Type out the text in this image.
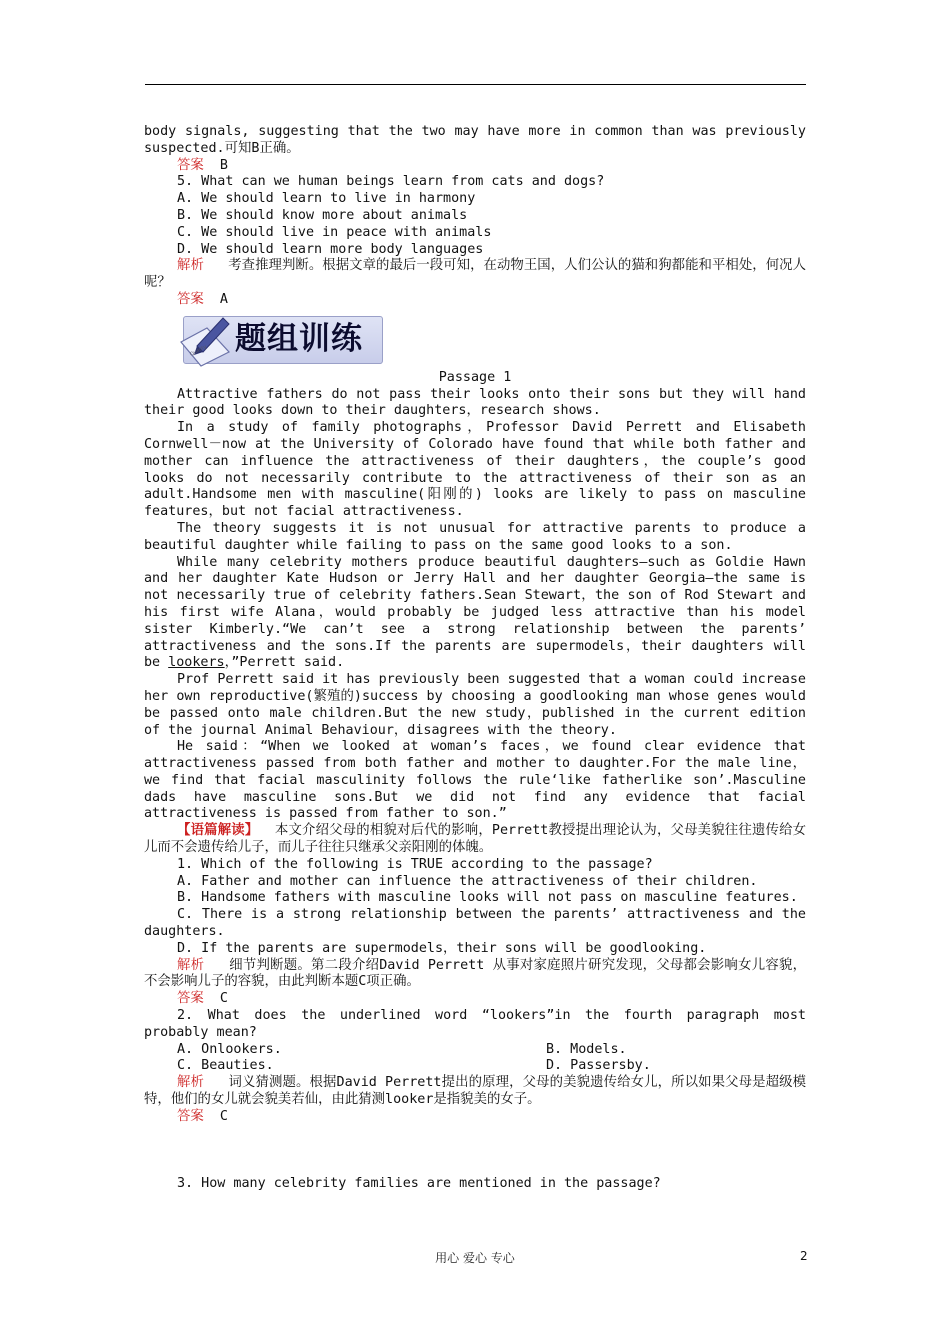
body signals, suggesting that the two may have more in common than was previously suspected.可知B正确。

答案 B

5. What can we human beings learn from cats and dogs?

A. We should learn to live in harmony

B. We should know more about animals

C. We should live in peace with animals

D. We should learn more body languages

解析 考查推理判断。根据文章的最后一段可知，在动物王国，人们公认的猫和狗都能和平相处，何况人呢？

答案 A

Quality 题组训练

Passage 1

Attractive fathers do not pass their looks onto their sons but they will hand their good looks down to their daughters，research shows.

In a study of family photographs，Professor David Perrett and Elisabeth Cornwell－now at the University of Colorado have found that while both father and mother can influence the attractiveness of their daughters，the couple’s good looks do not necessarily contribute to the attractiveness of their son as an adult.Handsome men with masculine(阳刚的) looks are likely to pass on masculine features，but not facial attractiveness.

The theory suggests it is not unusual for attractive parents to produce a beautiful daughter while failing to pass on the same good looks to a son.

While many celebrity mothers produce beautiful daughters—such as Goldie Hawn and her daughter Kate Hudson or Jerry Hall and her daughter Georgia—the same is not necessarily true of celebrity fathers.Sean Stewart，the son of Rod Stewart and his first wife Alana，would probably be judged less attractive than his model sister Kimberly.“We can’t see a strong relationship between the parents’ attractiveness and the sons.If the parents are supermodels，their daughters will be lookers，”Perrett said.

Prof Perrett said it has previously been suggested that a woman could increase her own reproductive(繁殖的)success by choosing a goodlooking man whose genes would be passed onto male children.But the new study，published in the current edition of the journal Animal Behaviour，disagrees with the theory.

He said：“When we looked at woman’s faces，we found clear evidence that attractiveness passed from both father and mother to daughter.For the male line，we find that facial masculinity follows the rule‘like fatherlike son’.Masculine dads have masculine sons.But we did not find any evidence that facial attractiveness is passed from father to son.”

【语篇解读】 本文介绍父母的相貌对后代的影响，Perrett教授提出理论认为，父母美貌往往遗传给女儿而不会遗传给儿子，而儿子往往只继承父亲阳刚的体魄。

1. Which of the following is TRUE according to the passage?

A. Father and mother can influence the attractiveness of their children.

B. Handsome fathers with masculine looks will not pass on masculine features.

C. There is a strong relationship between the parents’ attractiveness and the daughters.

D. If the parents are supermodels，their sons will be goodlooking.

解析 细节判断题。第二段介绍David Perrett 从事对家庭照片研究发现，父母都会影响女儿容貌，不会影响儿子的容貌，由此判断本题C项正确。

答案 C

2. What does the underlined word “lookers”in the fourth paragraph most probably mean?

A. Onlookers.	B. Models.

C. Beauties.	D. Passersby.

解析 词义猜测题。根据David Perrett提出的原理，父母的美貌遗传给女儿，所以如果父母是超级模特，他们的女儿就会貌美若仙，由此猜测looker是指貌美的女子。

答案 C

3. How many celebrity families are mentioned in the passage?

用心 爱心 专心	2
